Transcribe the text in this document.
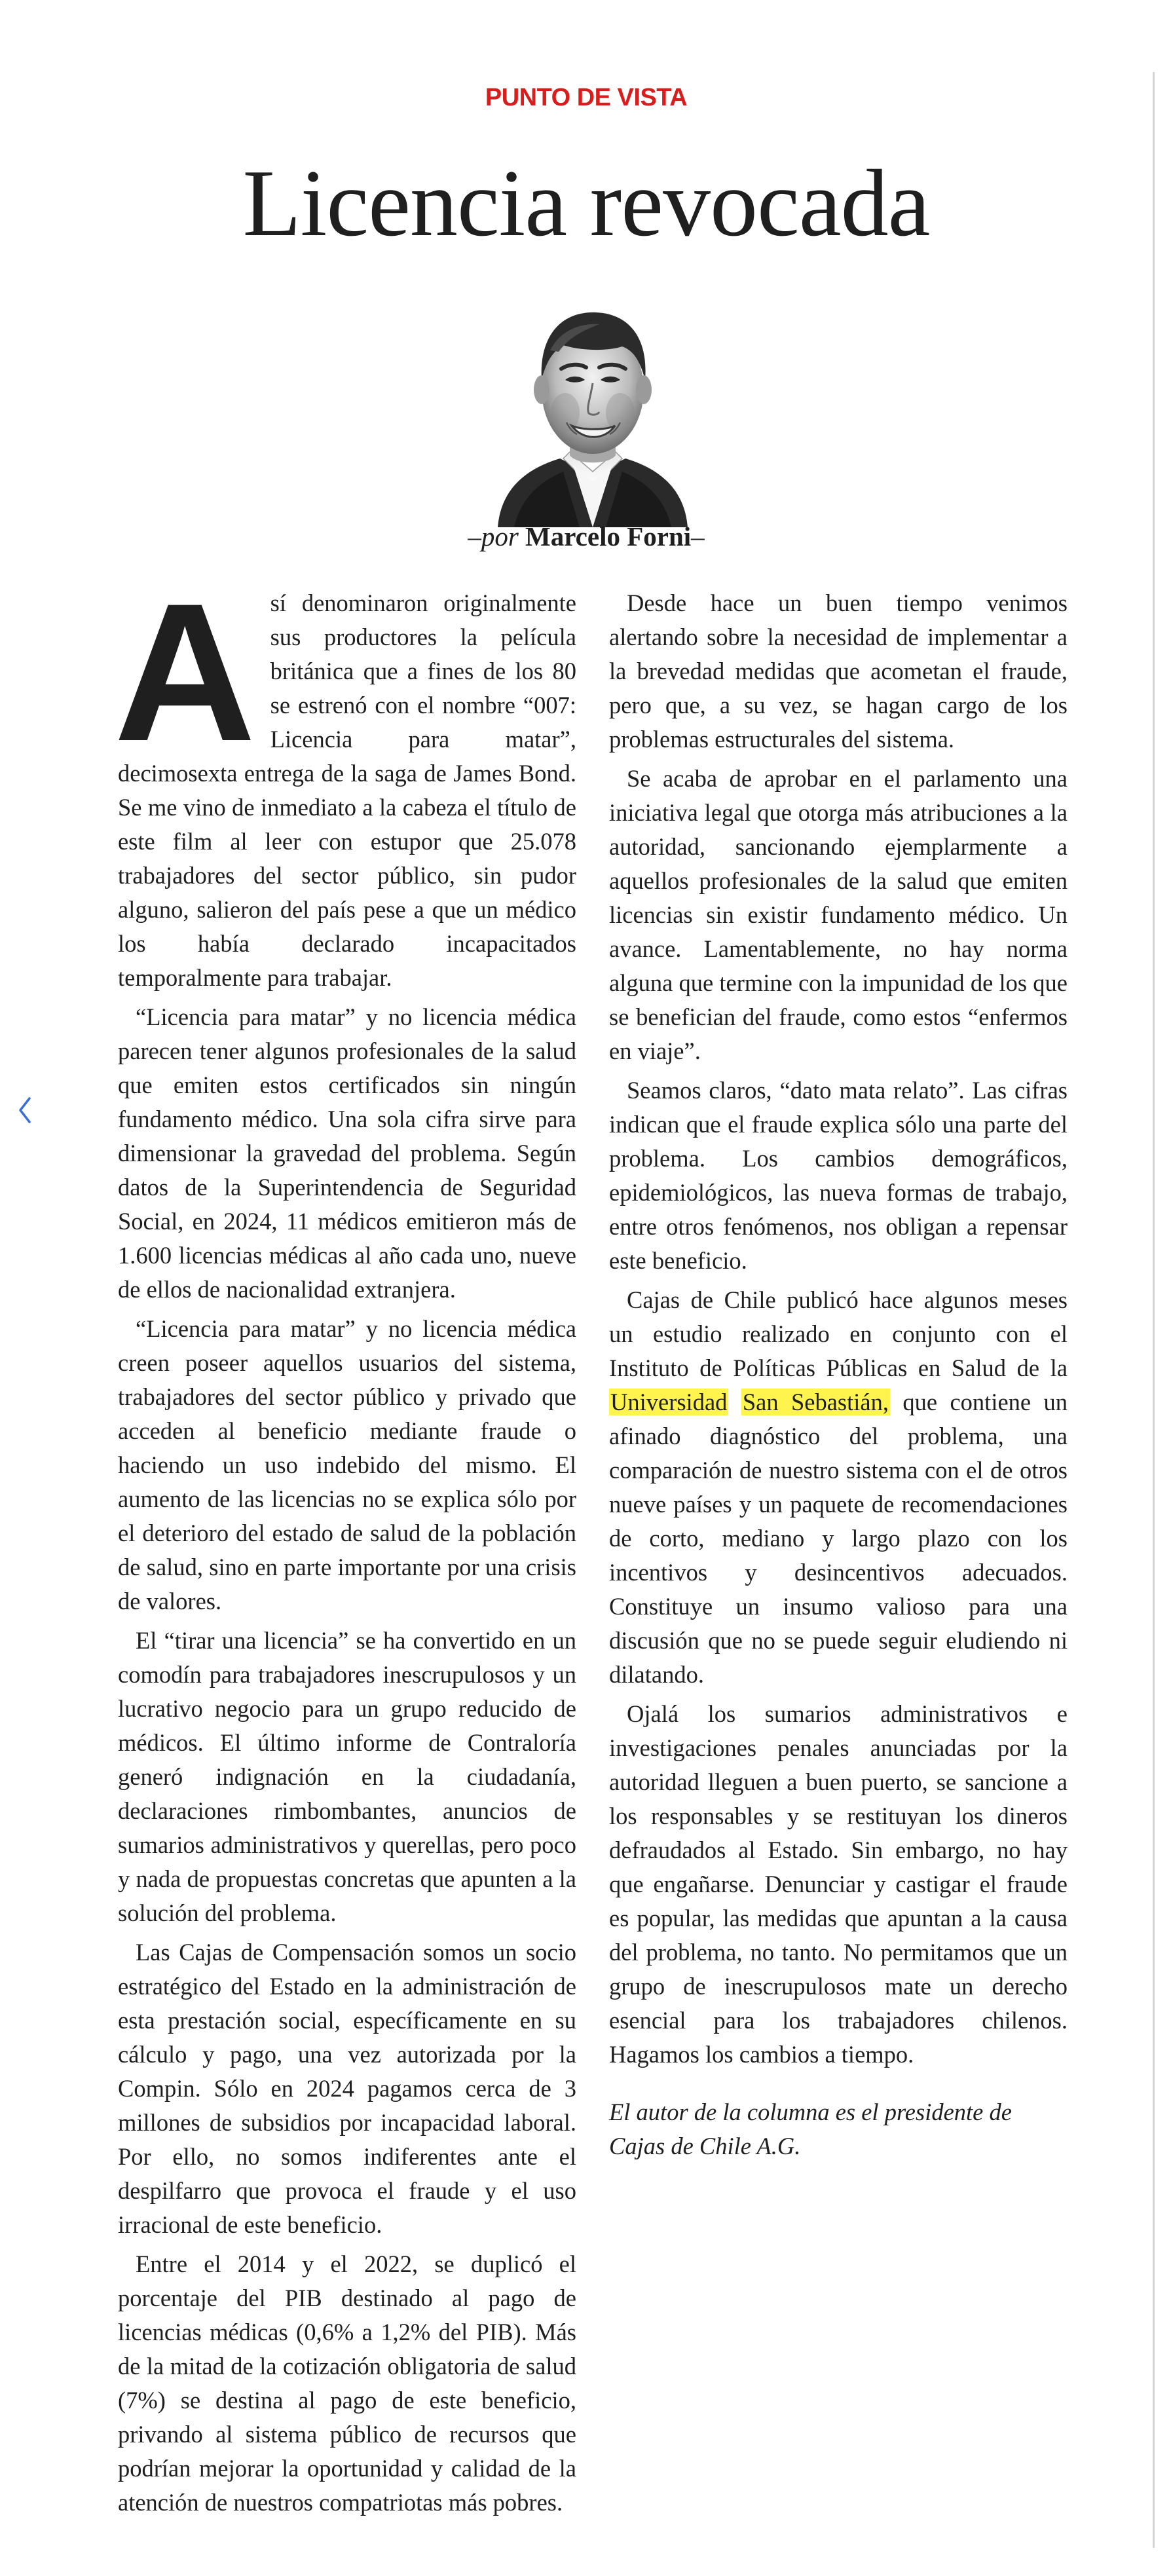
PUNTO DE VISTA
Licencia revocada
–por Marcelo Forni–

Así denominaron originalmente sus productores la película británica que a fines de los 80 se estrenó con el nombre “007: Licencia para matar”, decimosexta entrega de la saga de James Bond. Se me vino de inmediato a la cabeza el título de este film al leer con estupor que 25.078 trabajadores del sector público, sin pudor alguno, salieron del país pese a que un médico los había declarado incapacitados temporalmente para trabajar.

“Licencia para matar” y no licencia médica parecen tener algunos profesionales de la salud que emiten estos certificados sin ningún fundamento médico. Una sola cifra sirve para dimensionar la gravedad del problema. Según datos de la Superintendencia de Seguridad Social, en 2024, 11 médicos emitieron más de 1.600 licencias médicas al año cada uno, nueve de ellos de nacionalidad extranjera.

“Licencia para matar” y no licencia médica creen poseer aquellos usuarios del sistema, trabajadores del sector público y privado que acceden al beneficio mediante fraude o haciendo un uso indebido del mismo. El aumento de las licencias no se explica sólo por el deterioro del estado de salud de la población de salud, sino en parte importante por una crisis de valores.

El “tirar una licencia” se ha convertido en un comodín para trabajadores inescrupulosos y un lucrativo negocio para un grupo reducido de médicos. El último informe de Contraloría generó indignación en la ciudadanía, declaraciones rimbombantes, anuncios de sumarios administrativos y querellas, pero poco y nada de propuestas concretas que apunten a la solución del problema.

Las Cajas de Compensación somos un socio estratégico del Estado en la administración de esta prestación social, específicamente en su cálculo y pago, una vez autorizada por la Compin. Sólo en 2024 pagamos cerca de 3 millones de subsidios por incapacidad laboral. Por ello, no somos indiferentes ante el despilfarro que provoca el fraude y el uso irracional de este beneficio.

Entre el 2014 y el 2022, se duplicó el porcentaje del PIB destinado al pago de licencias médicas (0,6% a 1,2% del PIB). Más de la mitad de la cotización obligatoria de salud (7%) se destina al pago de este beneficio, privando al sistema público de recursos que podrían mejorar la oportunidad y calidad de la atención de nuestros compatriotas más pobres.

Desde hace un buen tiempo venimos alertando sobre la necesidad de implementar a la brevedad medidas que acometan el fraude, pero que, a su vez, se hagan cargo de los problemas estructurales del sistema.

Se acaba de aprobar en el parlamento una iniciativa legal que otorga más atribuciones a la autoridad, sancionando ejemplarmente a aquellos profesionales de la salud que emiten licencias sin existir fundamento médico. Un avance. Lamentablemente, no hay norma alguna que termine con la impunidad de los que se benefician del fraude, como estos “enfermos en viaje”.

Seamos claros, “dato mata relato”. Las cifras indican que el fraude explica sólo una parte del problema. Los cambios demográficos, epidemiológicos, las nueva formas de trabajo, entre otros fenómenos, nos obligan a repensar este beneficio.

Cajas de Chile publicó hace algunos meses un estudio realizado en conjunto con el Instituto de Políticas Públicas en Salud de la Universidad San Sebastián, que contiene un afinado diagnóstico del problema, una comparación de nuestro sistema con el de otros nueve países y un paquete de recomendaciones de corto, mediano y largo plazo con los incentivos y desincentivos adecuados. Constituye un insumo valioso para una discusión que no se puede seguir eludiendo ni dilatando.

Ojalá los sumarios administrativos e investigaciones penales anunciadas por la autoridad lleguen a buen puerto, se sancione a los responsables y se restituyan los dineros defraudados al Estado. Sin embargo, no hay que engañarse. Denunciar y castigar el fraude es popular, las medidas que apuntan a la causa del problema, no tanto. No permitamos que un grupo de inescrupulosos mate un derecho esencial para los trabajadores chilenos. Hagamos los cambios a tiempo.

El autor de la columna es el presidente de Cajas de Chile A.G.
